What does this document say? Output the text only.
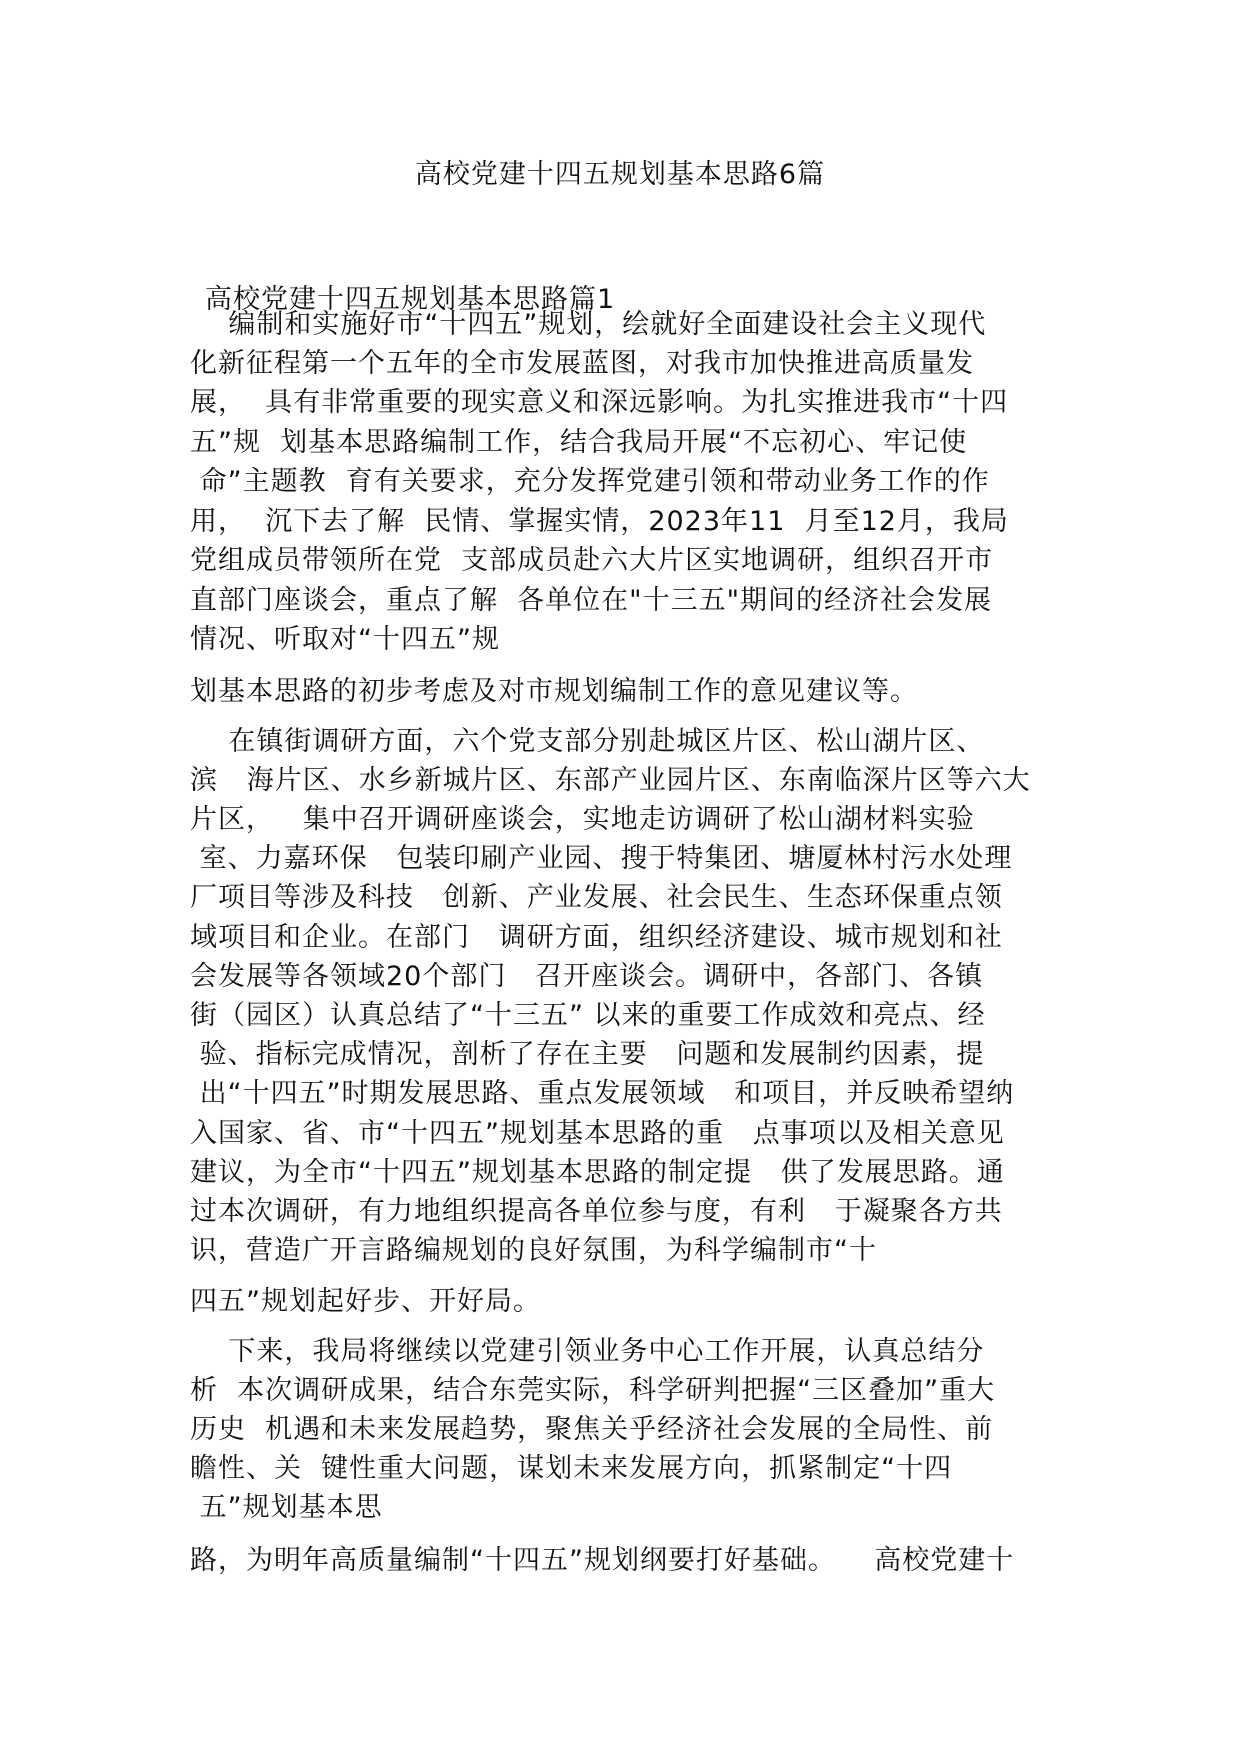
高校党建十四五规划基本思路6篇
高校党建十四五规划基本思路篇1
编制和实施好市“十四五”规划，绘就好全面建设社会主义现代
化新征程第一个五年的全市发展蓝图，对我市加快推进高质量发
展，  具有非常重要的现实意义和深远影响。为扎实推进我市“十四
五”规  划基本思路编制工作，结合我局开展“不忘初心、牢记使
命”主题教  育有关要求，充分发挥党建引领和带动业务工作的作
用，  沉下去了解  民情、掌握实情，2023年11  月至12月，我局
党组成员带领所在党  支部成员赴六大片区实地调研，组织召开市
直部门座谈会，重点了解  各单位在"十三五"期间的经济社会发展
情况、听取对“十四五”规
划基本思路的初步考虑及对市规划编制工作的意见建议等。
在镇街调研方面，六个党支部分别赴城区片区、松山湖片区、
滨   海片区、水乡新城片区、东部产业园片区、东南临深片区等六大
片区，   集中召开调研座谈会，实地走访调研了松山湖材料实验
室、力嘉环保   包装印刷产业园、搜于特集团、塘厦林村污水处理
厂项目等涉及科技   创新、产业发展、社会民生、生态环保重点领
域项目和企业。在部门   调研方面，组织经济建设、城市规划和社
会发展等各领域20个部门   召开座谈会。调研中，各部门、各镇
街（园区）认真总结了“十三五” 以来的重要工作成效和亮点、经
验、指标完成情况，剖析了存在主要   问题和发展制约因素，提
出“十四五”时期发展思路、重点发展领域   和项目，并反映希望纳
入国家、省、市“十四五”规划基本思路的重   点事项以及相关意见
建议，为全市“十四五”规划基本思路的制定提   供了发展思路。通
过本次调研，有力地组织提高各单位参与度，有利   于凝聚各方共
识，营造广开言路编规划的良好氛围，为科学编制市“十
四五”规划起好步、开好局。
下来，我局将继续以党建引领业务中心工作开展，认真总结分
析  本次调研成果，结合东莞实际，科学研判把握“三区叠加”重大
历史  机遇和未来发展趋势，聚焦关乎经济社会发展的全局性、前
瞻性、关  键性重大问题，谋划未来发展方向，抓紧制定“十四
五”规划基本思
路，为明年高质量编制“十四五”规划纲要打好基础。    高校党建十
